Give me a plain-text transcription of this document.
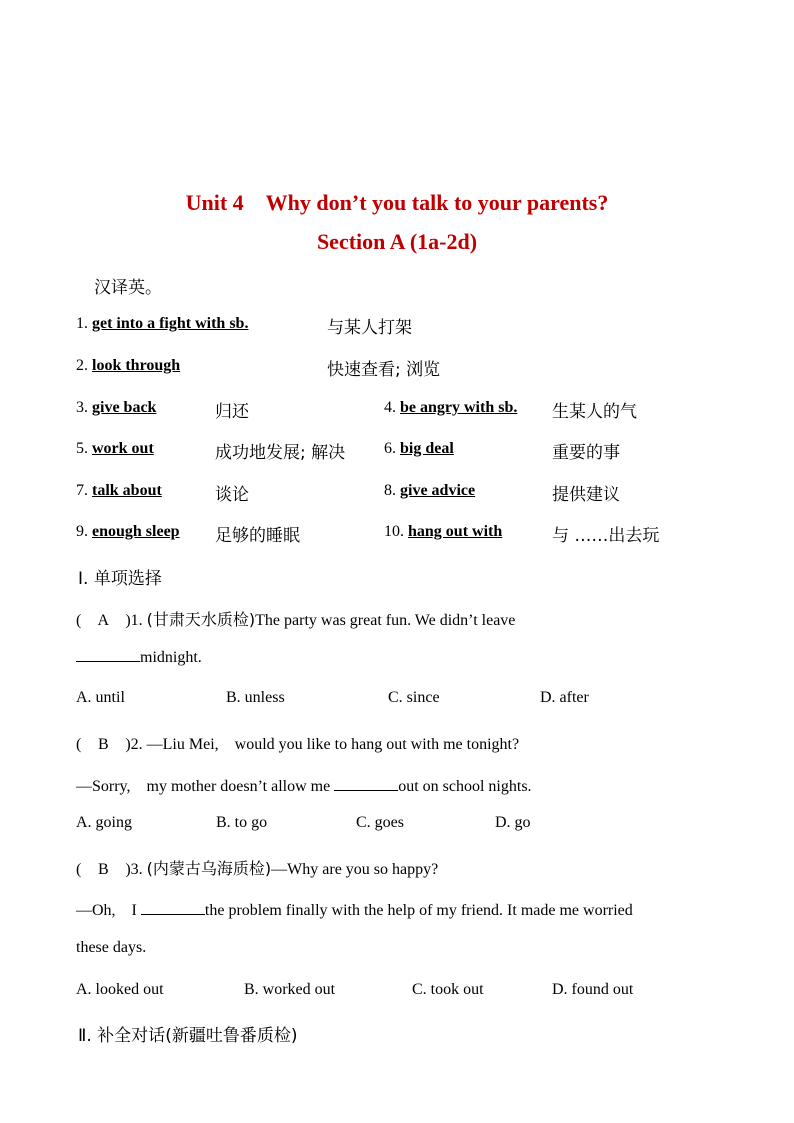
Unit 4　Why don’t you talk to your parents?
Section A (1a-2d)
汉译英。
1. get into a fight with sb.	与某人打架
2. look through	快速查看; 浏览
3. give back	归还	4. be angry with sb. 生某人的气
5. work out	成功地发展; 解决 6. big deal	重要的事
7. talk about	谈论	8. give advice	提供建议
9. enough sleep 足够的睡眠	10. hang out with	与 ……出去玩
Ⅰ. 单项选择
( A )1. (甘肃天水质检)The party was great fun. We didn’t leave
midnight.
A. until	B. unless	C. since	D. after
( B )2. —Liu Mei,　would you like to hang out with me tonight?
—Sorry,　my mother doesn’t allow me	out on school nights.
A. going	B. to go	C. goes	D. go
( B )3. (内蒙古乌海质检)—Why are you so happy?
—Oh,　I	the problem finally with the help of my friend. It made me worried
these days.
A. looked out	B. worked out	C. took out	D. found out
Ⅱ. 补全对话(新疆吐鲁番质检)
